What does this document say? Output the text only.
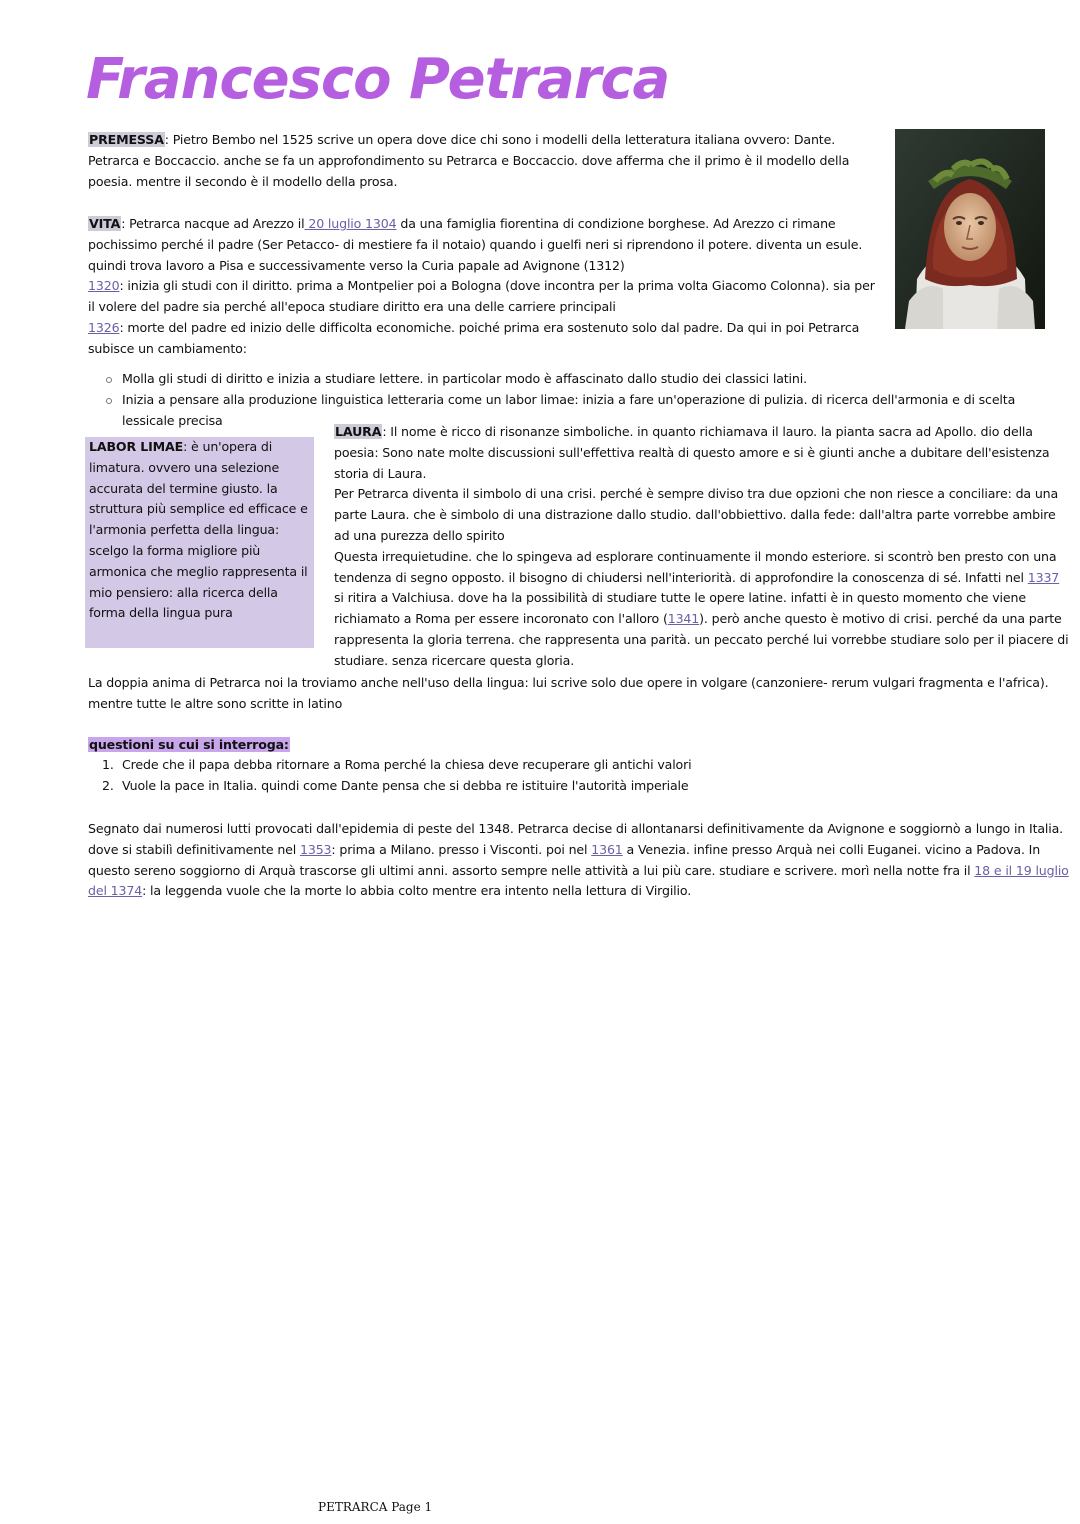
Francesco Petrarca
PREMESSA: Pietro Bembo nel 1525 scrive un opera dove dice chi sono i modelli della letteratura italiana ovvero: Dante. Petrarca e Boccaccio. anche se fa un approfondimento su Petrarca e Boccaccio. dove afferma che il primo è il modello della poesia. mentre il secondo è il modello della prosa.
VITA: Petrarca nacque ad Arezzo il 20 luglio 1304 da una famiglia fiorentina di condizione borghese. Ad Arezzo ci rimane pochissimo perché il padre (Ser Petacco- di mestiere fa il notaio) quando i guelfi neri si riprendono il potere. diventa un esule. quindi trova lavoro a Pisa e successivamente verso la Curia papale ad Avignone (1312)
1320: inizia gli studi con il diritto. prima a Montpelier poi a Bologna (dove incontra per la prima volta Giacomo Colonna). sia per il volere del padre sia perché all'epoca studiare diritto era una delle carriere principali
1326: morte del padre ed inizio delle difficolta economiche. poiché prima era sostenuto solo dal padre. Da qui in poi Petrarca subisce un cambiamento:
Molla gli studi di diritto e inizia a studiare lettere. in particolar modo è affascinato dallo studio dei classici latini.
Inizia a pensare alla produzione linguistica letteraria come un labor limae: inizia a fare un'operazione di pulizia. di ricerca dell'armonia e di scelta lessicale precisa
LABOR LIMAE: è un'opera di limatura. ovvero una selezione accurata del termine giusto. la struttura più semplice ed efficace e l'armonia perfetta della lingua: scelgo la forma migliore più armonica che meglio rappresenta il mio pensiero: alla ricerca della forma della lingua pura
LAURA: Il nome è ricco di risonanze simboliche. in quanto richiamava il lauro. la pianta sacra ad Apollo. dio della poesia: Sono nate molte discussioni sull'effettiva realtà di questo amore e si è giunti anche a dubitare dell'esistenza storia di Laura.
Per Petrarca diventa il simbolo di una crisi. perché è sempre diviso tra due opzioni che non riesce a conciliare: da una parte Laura. che è simbolo di una distrazione dallo studio. dall'obbiettivo. dalla fede: dall'altra parte vorrebbe ambire ad una purezza dello spirito
Questa irrequietudine. che lo spingeva ad esplorare continuamente il mondo esteriore. si scontrò ben presto con una tendenza di segno opposto. il bisogno di chiudersi nell'interiorità. di approfondire la conoscenza di sé. Infatti nel 1337 si ritira a Valchiusa. dove ha la possibilità di studiare tutte le opere latine. infatti è in questo momento che viene richiamato a Roma per essere incoronato con l'alloro (1341). però anche questo è motivo di crisi. perché da una parte rappresenta la gloria terrena. che rappresenta una parità. un peccato perché lui vorrebbe studiare solo per il piacere di studiare. senza ricercare questa gloria.
La doppia anima di Petrarca noi la troviamo anche nell'uso della lingua: lui scrive solo due opere in volgare (canzoniere- rerum vulgari fragmenta e l'africa). mentre tutte le altre sono scritte in latino
questioni su cui si interroga:
1. Crede che il papa debba ritornare a Roma perché la chiesa deve recuperare gli antichi valori
2. Vuole la pace in Italia. quindi come Dante pensa che si debba re istituire l'autorità imperiale
Segnato dai numerosi lutti provocati dall'epidemia di peste del 1348. Petrarca decise di allontanarsi definitivamente da Avignone e soggiornò a lungo in Italia. dove si stabilì definitivamente nel 1353: prima a Milano. presso i Visconti. poi nel 1361 a Venezia. infine presso Arquà nei colli Euganei. vicino a Padova. In questo sereno soggiorno di Arquà trascorse gli ultimi anni. assorto sempre nelle attività a lui più care. studiare e scrivere. morì nella notte fra il 18 e il 19 luglio del 1374: la leggenda vuole che la morte lo abbia colto mentre era intento nella lettura di Virgilio.
PETRARCA Page 1
